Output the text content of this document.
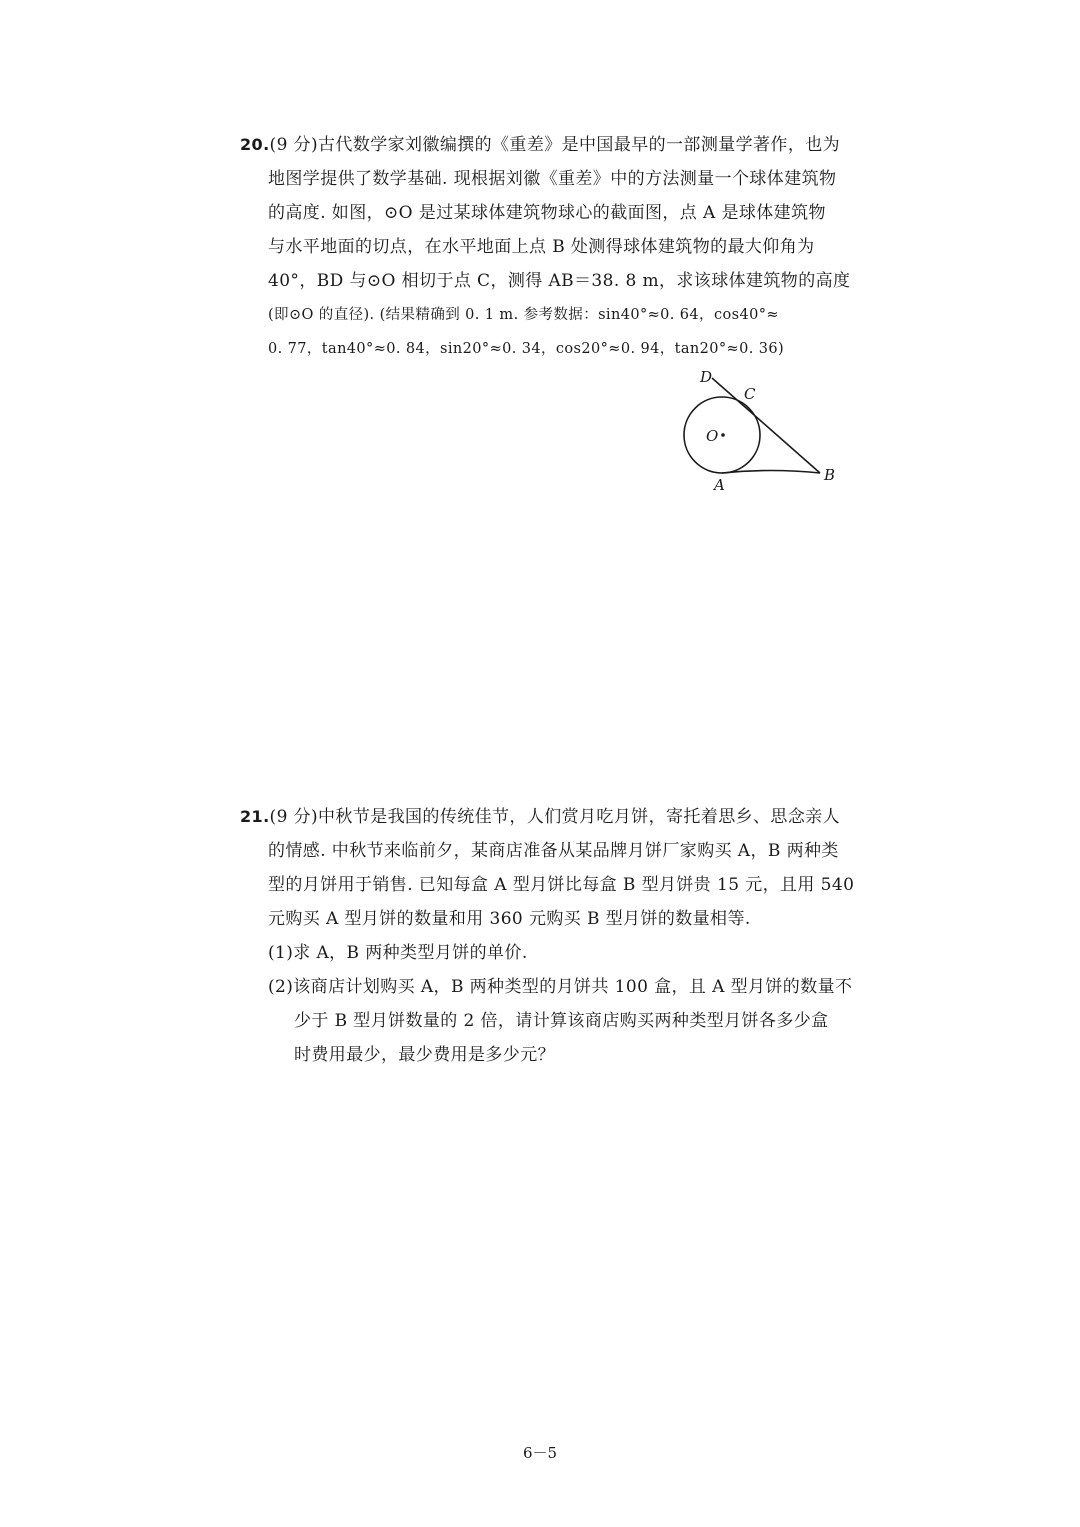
20.(9 分)古代数学家刘徽编撰的《重差》是中国最早的一部测量学著作，也为
地图学提供了数学基础. 现根据刘徽《重差》中的方法测量一个球体建筑物
的高度. 如图，⊙O 是过某球体建筑物球心的截面图，点 A 是球体建筑物
与水平地面的切点，在水平地面上点 B 处测得球体建筑物的最大仰角为
40°，BD 与⊙O 相切于点 C，测得 AB＝38. 8 m，求该球体建筑物的高度
(即⊙O 的直径). (结果精确到 0. 1 m. 参考数据：sin40°≈0. 64，cos40°≈
0. 77，tan40°≈0. 84，sin20°≈0. 34，cos20°≈0. 94，tan20°≈0. 36)
D
C
O
A
B
21.(9 分)中秋节是我国的传统佳节，人们赏月吃月饼，寄托着思乡、思念亲人
的情感. 中秋节来临前夕，某商店准备从某品牌月饼厂家购买 A，B 两种类
型的月饼用于销售. 已知每盒 A 型月饼比每盒 B 型月饼贵 15 元，且用 540
元购买 A 型月饼的数量和用 360 元购买 B 型月饼的数量相等.
(1)求 A，B 两种类型月饼的单价.
(2)该商店计划购买 A，B 两种类型的月饼共 100 盒，且 A 型月饼的数量不
少于 B 型月饼数量的 2 倍，请计算该商店购买两种类型月饼各多少盒
时费用最少，最少费用是多少元？
6－5
